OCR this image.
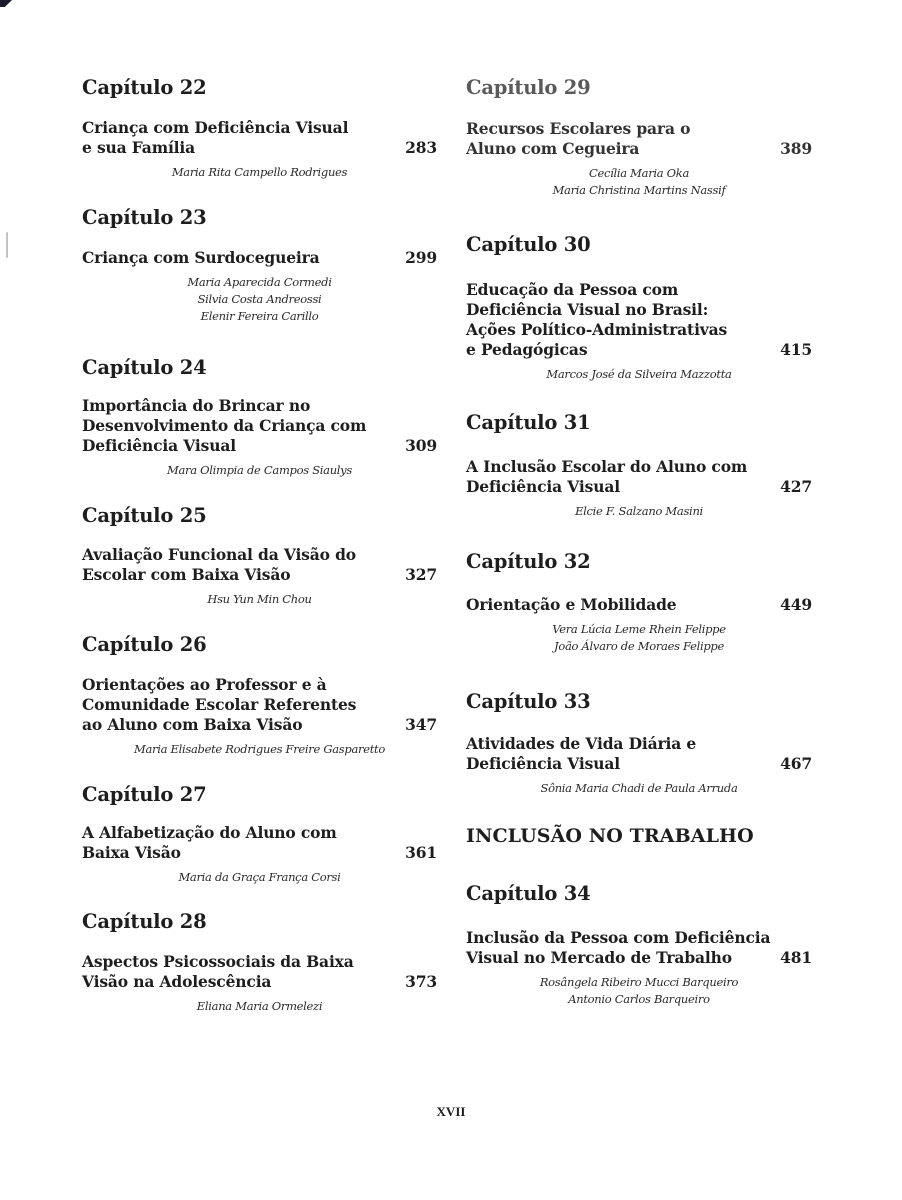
Capítulo 22
Criança com Deficiência Visual
e sua Família	283
Maria Rita Campello Rodrigues
Capítulo 23
Criança com Surdocegueira	299
Maria Aparecida Cormedi
Silvia Costa Andreossi
Elenir Fereira Carillo
Capítulo 24
Importância do Brincar no
Desenvolvimento da Criança com
Deficiência Visual	309
Mara Olimpia de Campos Siaulys
Capítulo 25
Avaliação Funcional da Visão do
Escolar com Baixa Visão	327
Hsu Yun Min Chou
Capítulo 26
Orientações ao Professor e à
Comunidade Escolar Referentes
ao Aluno com Baixa Visão	347
Maria Elisabete Rodrigues Freire Gasparetto
Capítulo 27
A Alfabetização do Aluno com
Baixa Visão	361
Maria da Graça França Corsi
Capítulo 28
Aspectos Psicossociais da Baixa
Visão na Adolescência	373
Eliana Maria Ormelezi
Capítulo 29
Recursos Escolares para o
Aluno com Cegueira	389
Cecília Maria Oka
Maria Christina Martins Nassif
Capítulo 30
Educação da Pessoa com
Deficiência Visual no Brasil:
Ações Político-Administrativas
e Pedagógicas	415
Marcos José da Silveira Mazzotta
Capítulo 31
A Inclusão Escolar do Aluno com
Deficiência Visual	427
Elcie F. Salzano Masini
Capítulo 32
Orientação e Mobilidade	449
Vera Lúcia Leme Rhein Felippe
João Álvaro de Moraes Felippe
Capítulo 33
Atividades de Vida Diária e
Deficiência Visual	467
Sônia Maria Chadi de Paula Arruda
INCLUSÃO NO TRABALHO
Capítulo 34
Inclusão da Pessoa com Deficiência
Visual no Mercado de Trabalho	481
Rosângela Ribeiro Mucci Barqueiro
Antonio Carlos Barqueiro
XVII
